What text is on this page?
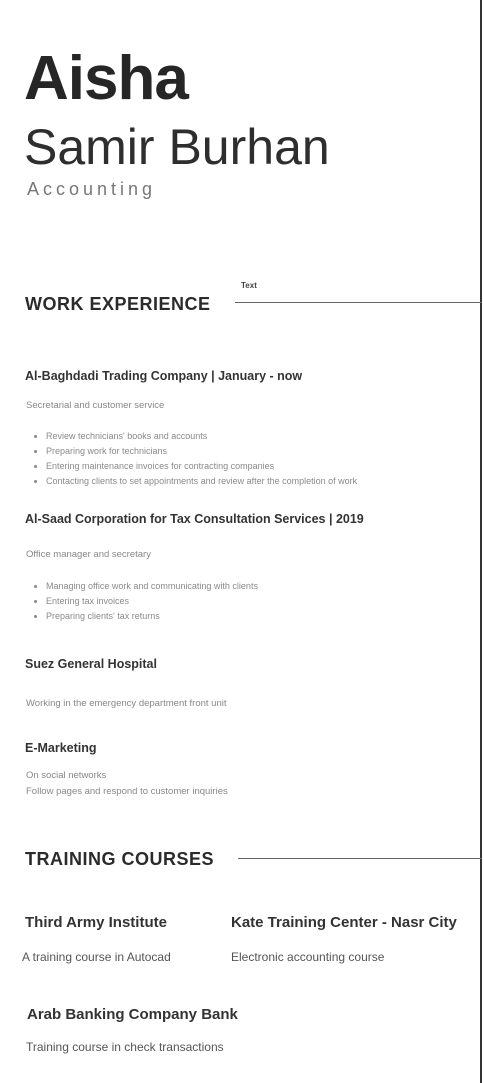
Aisha
Samir Burhan
Accounting
WORK EXPERIENCE
Text
Al-Baghdadi Trading Company | January - now
Secretarial and customer service
• Review technicians' books and accounts
• Preparing work for technicians
• Entering maintenance invoices for contracting companies
• Contacting clients to set appointments and review after the completion of work
Al-Saad Corporation for Tax Consultation Services | 2019
Office manager and secretary
• Managing office work and communicating with clients
• Entering tax invoices
• Preparing clients' tax returns
Suez General Hospital
Working in the emergency department front unit
E-Marketing
On social networks
Follow pages and respond to customer inquiries
TRAINING COURSES
Third Army Institute
A training course in Autocad
Kate Training Center - Nasr City
Electronic accounting course
Arab Banking Company Bank
Training course in check transactions
